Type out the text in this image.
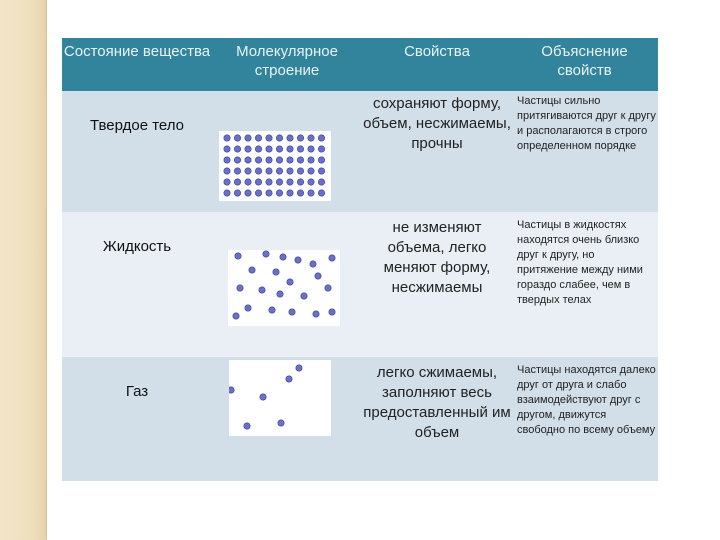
Состояние вещества	Молекулярное строение
Свойства	Объяснение свойств
Твердое тело
сохраняют форму, объем, несжимаемы, прочны
Частицы сильно притягиваются друг к другу и располагаются в строго определенном порядке
Жидкость
не изменяют объема, легко меняют форму, несжимаемы
Частицы в жидкостях находятся очень близко друг к другу, но притяжение между ними гораздо слабее, чем в твердых телах
Газ
легко сжимаемы, заполняют весь предоставленный им объем
Частицы находятся далеко друг от друга и слабо взаимодействуют друг с другом, движутся свободно по всему объему
